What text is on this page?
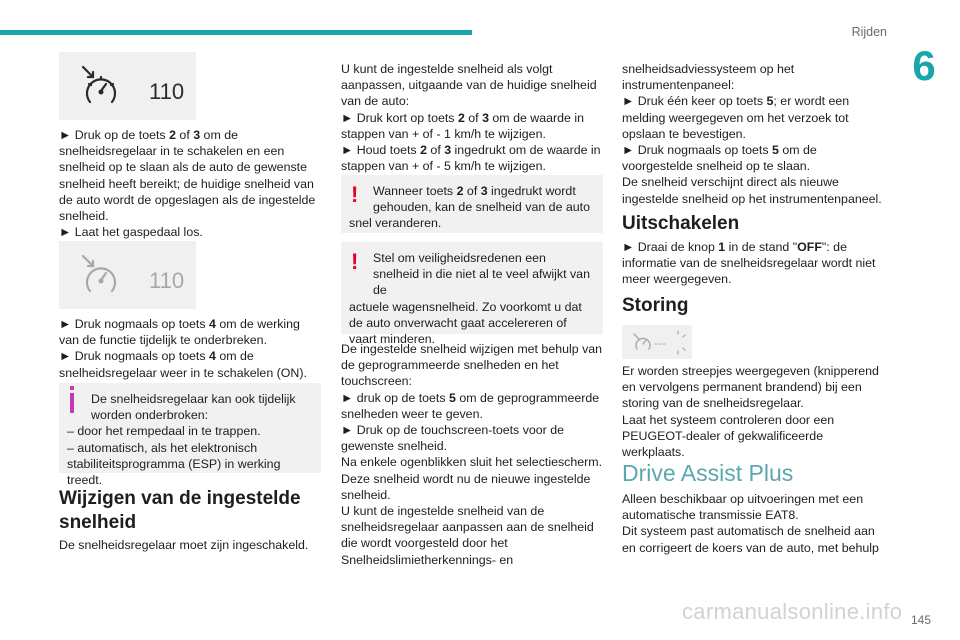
Rijden
6
110

► Druk op de toets 2 of 3 om de snelheidsregelaar in te schakelen en een snelheid op te slaan als de auto de gewenste snelheid heeft bereikt; de huidige snelheid van de auto wordt de opgeslagen als de ingestelde snelheid.
► Laat het gaspedaal los.

110

► Druk nogmaals op toets 4 om de werking van de functie tijdelijk te onderbreken.
► Druk nogmaals op toets 4 om de snelheidsregelaar weer in te schakelen (ON).

De snelheidsregelaar kan ook tijdelijk worden onderbroken:
– door het rempedaal in te trappen.
– automatisch, als het elektronisch stabiliteitsprogramma (ESP) in werking treedt.
Wijzigen van de ingestelde snelheid

De snelheidsregelaar moet zijn ingeschakeld.

U kunt de ingestelde snelheid als volgt aanpassen, uitgaande van de huidige snelheid van de auto:
► Druk kort op toets 2 of 3 om de waarde in stappen van + of - 1 km/h te wijzigen.
► Houd toets 2 of 3 ingedrukt om de waarde in stappen van + of - 5 km/h te wijzigen.

!	Wanneer toets 2 of 3 ingedrukt wordt gehouden, kan de snelheid van de auto
snel veranderen.
!	Stel om veiligheidsredenen een snelheid in die niet al te veel afwijkt van de
actuele wagensnelheid. Zo voorkomt u dat de auto onverwacht gaat accelereren of vaart minderen.

De ingestelde snelheid wijzigen met behulp van de geprogrammeerde snelheden en het touchscreen:
► druk op de toets 5 om de geprogrammeerde snelheden weer te geven.
► Druk op de touchscreen-toets voor de gewenste snelheid.
Na enkele ogenblikken sluit het selectiescherm. Deze snelheid wordt nu de nieuwe ingestelde snelheid.
U kunt de ingestelde snelheid van de snelheidsregelaar aanpassen aan de snelheid die wordt voorgesteld door het Snelheidslimietherkennings- en

snelheidsadviessysteem op het instrumentenpaneel:
► Druk één keer op toets 5; er wordt een melding weergegeven om het verzoek tot opslaan te bevestigen.
► Druk nogmaals op toets 5 om de voorgestelde snelheid op te slaan.
De snelheid verschijnt direct als nieuwe ingestelde snelheid op het instrumentenpaneel.

Uitschakelen

► Draai de knop 1 in de stand "OFF": de informatie van de snelheidsregelaar wordt niet meer weergegeven.

Storing
---

Er worden streepjes weergegeven (knipperend en vervolgens permanent brandend) bij een storing van de snelheidsregelaar.
Laat het systeem controleren door een PEUGEOT-dealer of gekwalificeerde werkplaats.

Drive Assist Plus

Alleen beschikbaar op uitvoeringen met een automatische transmissie EAT8.
Dit systeem past automatisch de snelheid aan en corrigeert de koers van de auto, met behulp

carmanualsonline.info 145
